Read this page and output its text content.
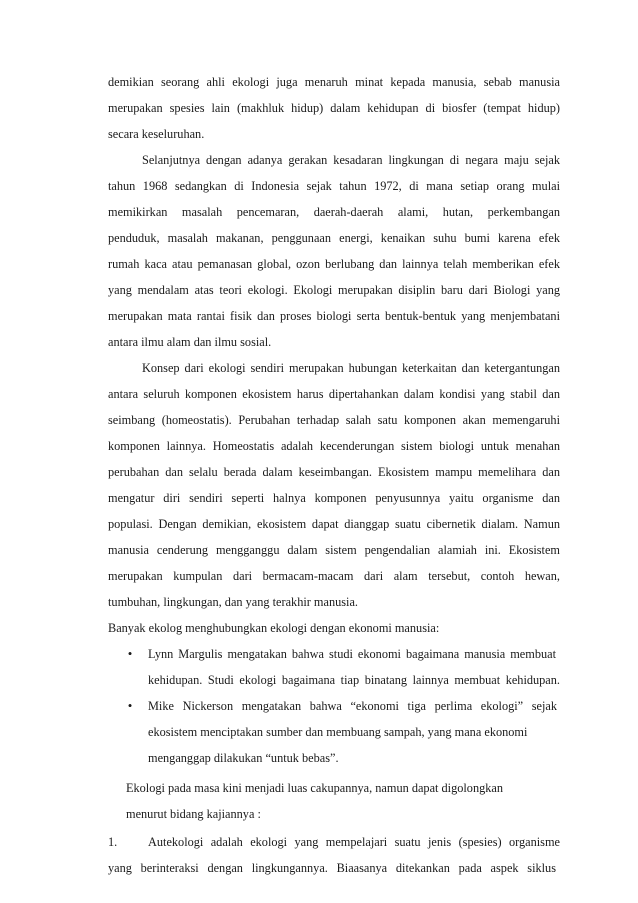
demikian seorang ahli ekologi juga menaruh minat kepada manusia, sebab manusia
merupakan spesies lain (makhluk hidup) dalam kehidupan di biosfer (tempat hidup)
secara keseluruhan.
Selanjutnya dengan adanya gerakan kesadaran lingkungan di negara maju sejak
tahun 1968 sedangkan di Indonesia sejak tahun 1972, di mana setiap orang mulai
memikirkan masalah pencemaran, daerah-daerah alami, hutan, perkembangan
penduduk, masalah makanan, penggunaan energi, kenaikan suhu bumi karena efek
rumah kaca atau pemanasan global, ozon berlubang dan lainnya telah memberikan efek
yang mendalam atas teori ekologi. Ekologi merupakan disiplin baru dari Biologi yang
merupakan mata rantai fisik dan proses biologi serta bentuk-bentuk yang menjembatani
antara ilmu alam dan ilmu sosial.
Konsep dari ekologi sendiri merupakan hubungan keterkaitan dan ketergantungan
antara seluruh komponen ekosistem harus dipertahankan dalam kondisi yang stabil dan
seimbang (homeostatis). Perubahan terhadap salah satu komponen akan memengaruhi
komponen lainnya. Homeostatis adalah kecenderungan sistem biologi untuk menahan
perubahan dan selalu berada dalam keseimbangan. Ekosistem mampu memelihara dan
mengatur diri sendiri seperti halnya komponen penyusunnya yaitu organisme dan
populasi. Dengan demikian, ekosistem dapat dianggap suatu cibernetik dialam. Namun
manusia cenderung mengganggu dalam sistem pengendalian alamiah ini. Ekosistem
merupakan kumpulan dari bermacam-macam dari alam tersebut, contoh hewan,
tumbuhan, lingkungan, dan yang terakhir manusia.
Banyak ekolog menghubungkan ekologi dengan ekonomi manusia:
• Lynn Margulis mengatakan bahwa studi ekonomi bagaimana manusia membuat
kehidupan. Studi ekologi bagaimana tiap binatang lainnya membuat kehidupan.
• Mike Nickerson mengatakan bahwa “ekonomi tiga perlima ekologi” sejak
ekosistem menciptakan sumber dan membuang sampah, yang mana ekonomi
menganggap dilakukan “untuk bebas”.
Ekologi pada masa kini menjadi luas cakupannya, namun dapat digolongkan
menurut bidang kajiannya :
1.	Autekologi adalah ekologi yang mempelajari suatu jenis (spesies) organisme
yang berinteraksi dengan lingkungannya. Biaasanya ditekankan pada aspek siklus
